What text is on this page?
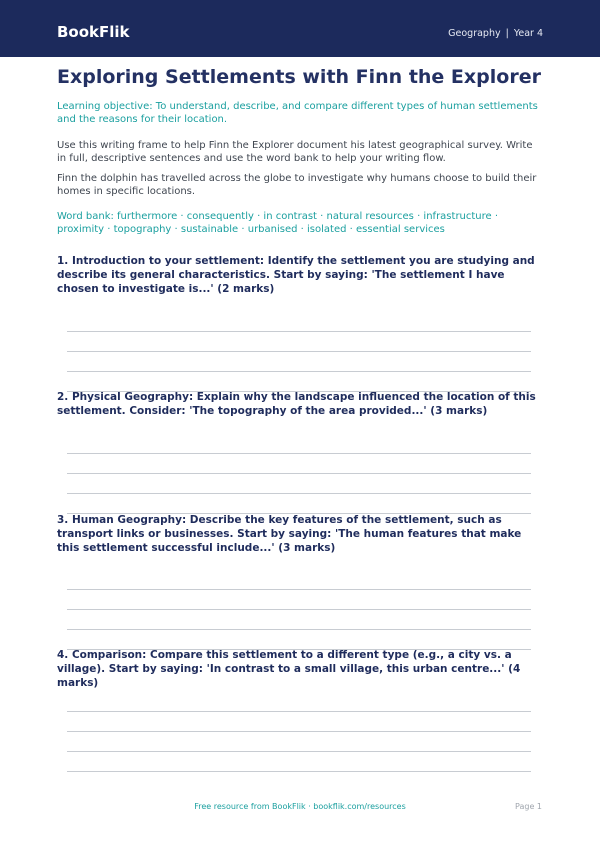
BookFlik	Geography | Year 4
Exploring Settlements with Finn the Explorer
Learning objective: To understand, describe, and compare different types of human settlements and the reasons for their location.
Use this writing frame to help Finn the Explorer document his latest geographical survey. Write in full, descriptive sentences and use the word bank to help your writing flow.
Finn the dolphin has travelled across the globe to investigate why humans choose to build their homes in specific locations.
Word bank: furthermore · consequently · in contrast · natural resources · infrastructure · proximity · topography · sustainable · urbanised · isolated · essential services
1. Introduction to your settlement: Identify the settlement you are studying and describe its general characteristics. Start by saying: 'The settlement I have chosen to investigate is...' (2 marks)
2. Physical Geography: Explain why the landscape influenced the location of this settlement. Consider: 'The topography of the area provided...' (3 marks)
3. Human Geography: Describe the key features of the settlement, such as transport links or businesses. Start by saying: 'The human features that make this settlement successful include...' (3 marks)
4. Comparison: Compare this settlement to a different type (e.g., a city vs. a village). Start by saying: 'In contrast to a small village, this urban centre...' (4 marks)
Free resource from BookFlik · bookflik.com/resources	Page 1
